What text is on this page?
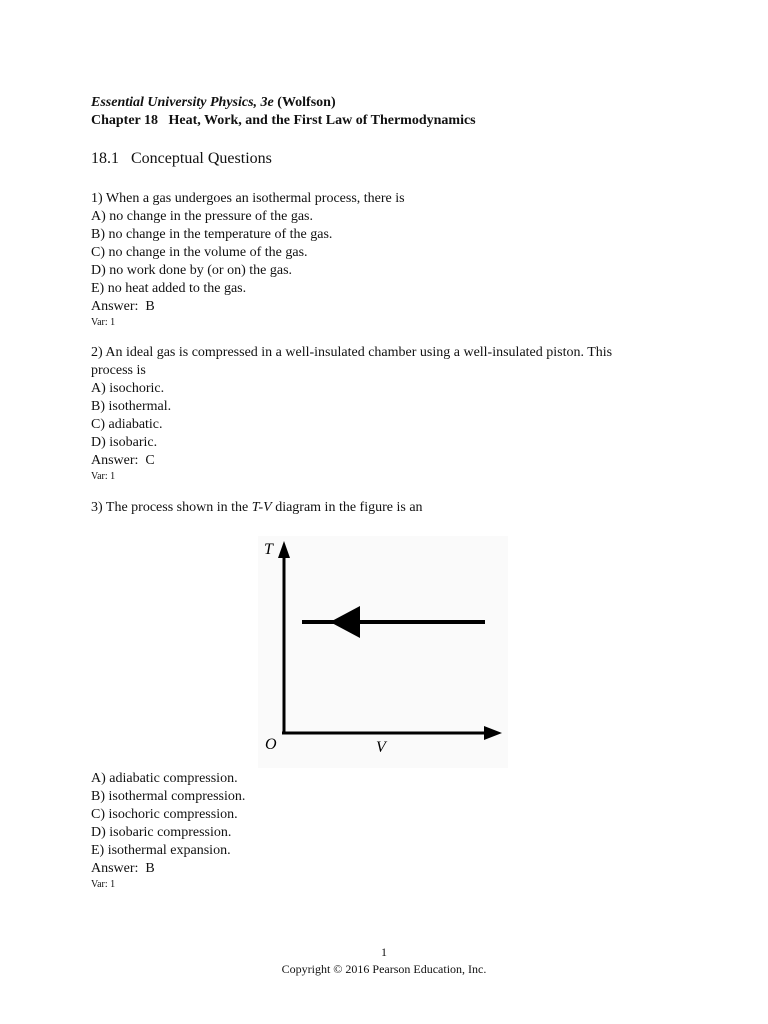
Essential University Physics, 3e (Wolfson)
Chapter 18   Heat, Work, and the First Law of Thermodynamics
18.1   Conceptual Questions
1) When a gas undergoes an isothermal process, there is
A) no change in the pressure of the gas.
B) no change in the temperature of the gas.
C) no change in the volume of the gas.
D) no work done by (or on) the gas.
E) no heat added to the gas.
Answer:  B
Var: 1
2) An ideal gas is compressed in a well-insulated chamber using a well-insulated piston. This
process is
A) isochoric.
B) isothermal.
C) adiabatic.
D) isobaric.
Answer:  C
Var: 1
3) The process shown in the T-V diagram in the figure is an
T
V
O
A) adiabatic compression.
B) isothermal compression.
C) isochoric compression.
D) isobaric compression.
E) isothermal expansion.
Answer:  B
Var: 1
1
Copyright © 2016 Pearson Education, Inc.
